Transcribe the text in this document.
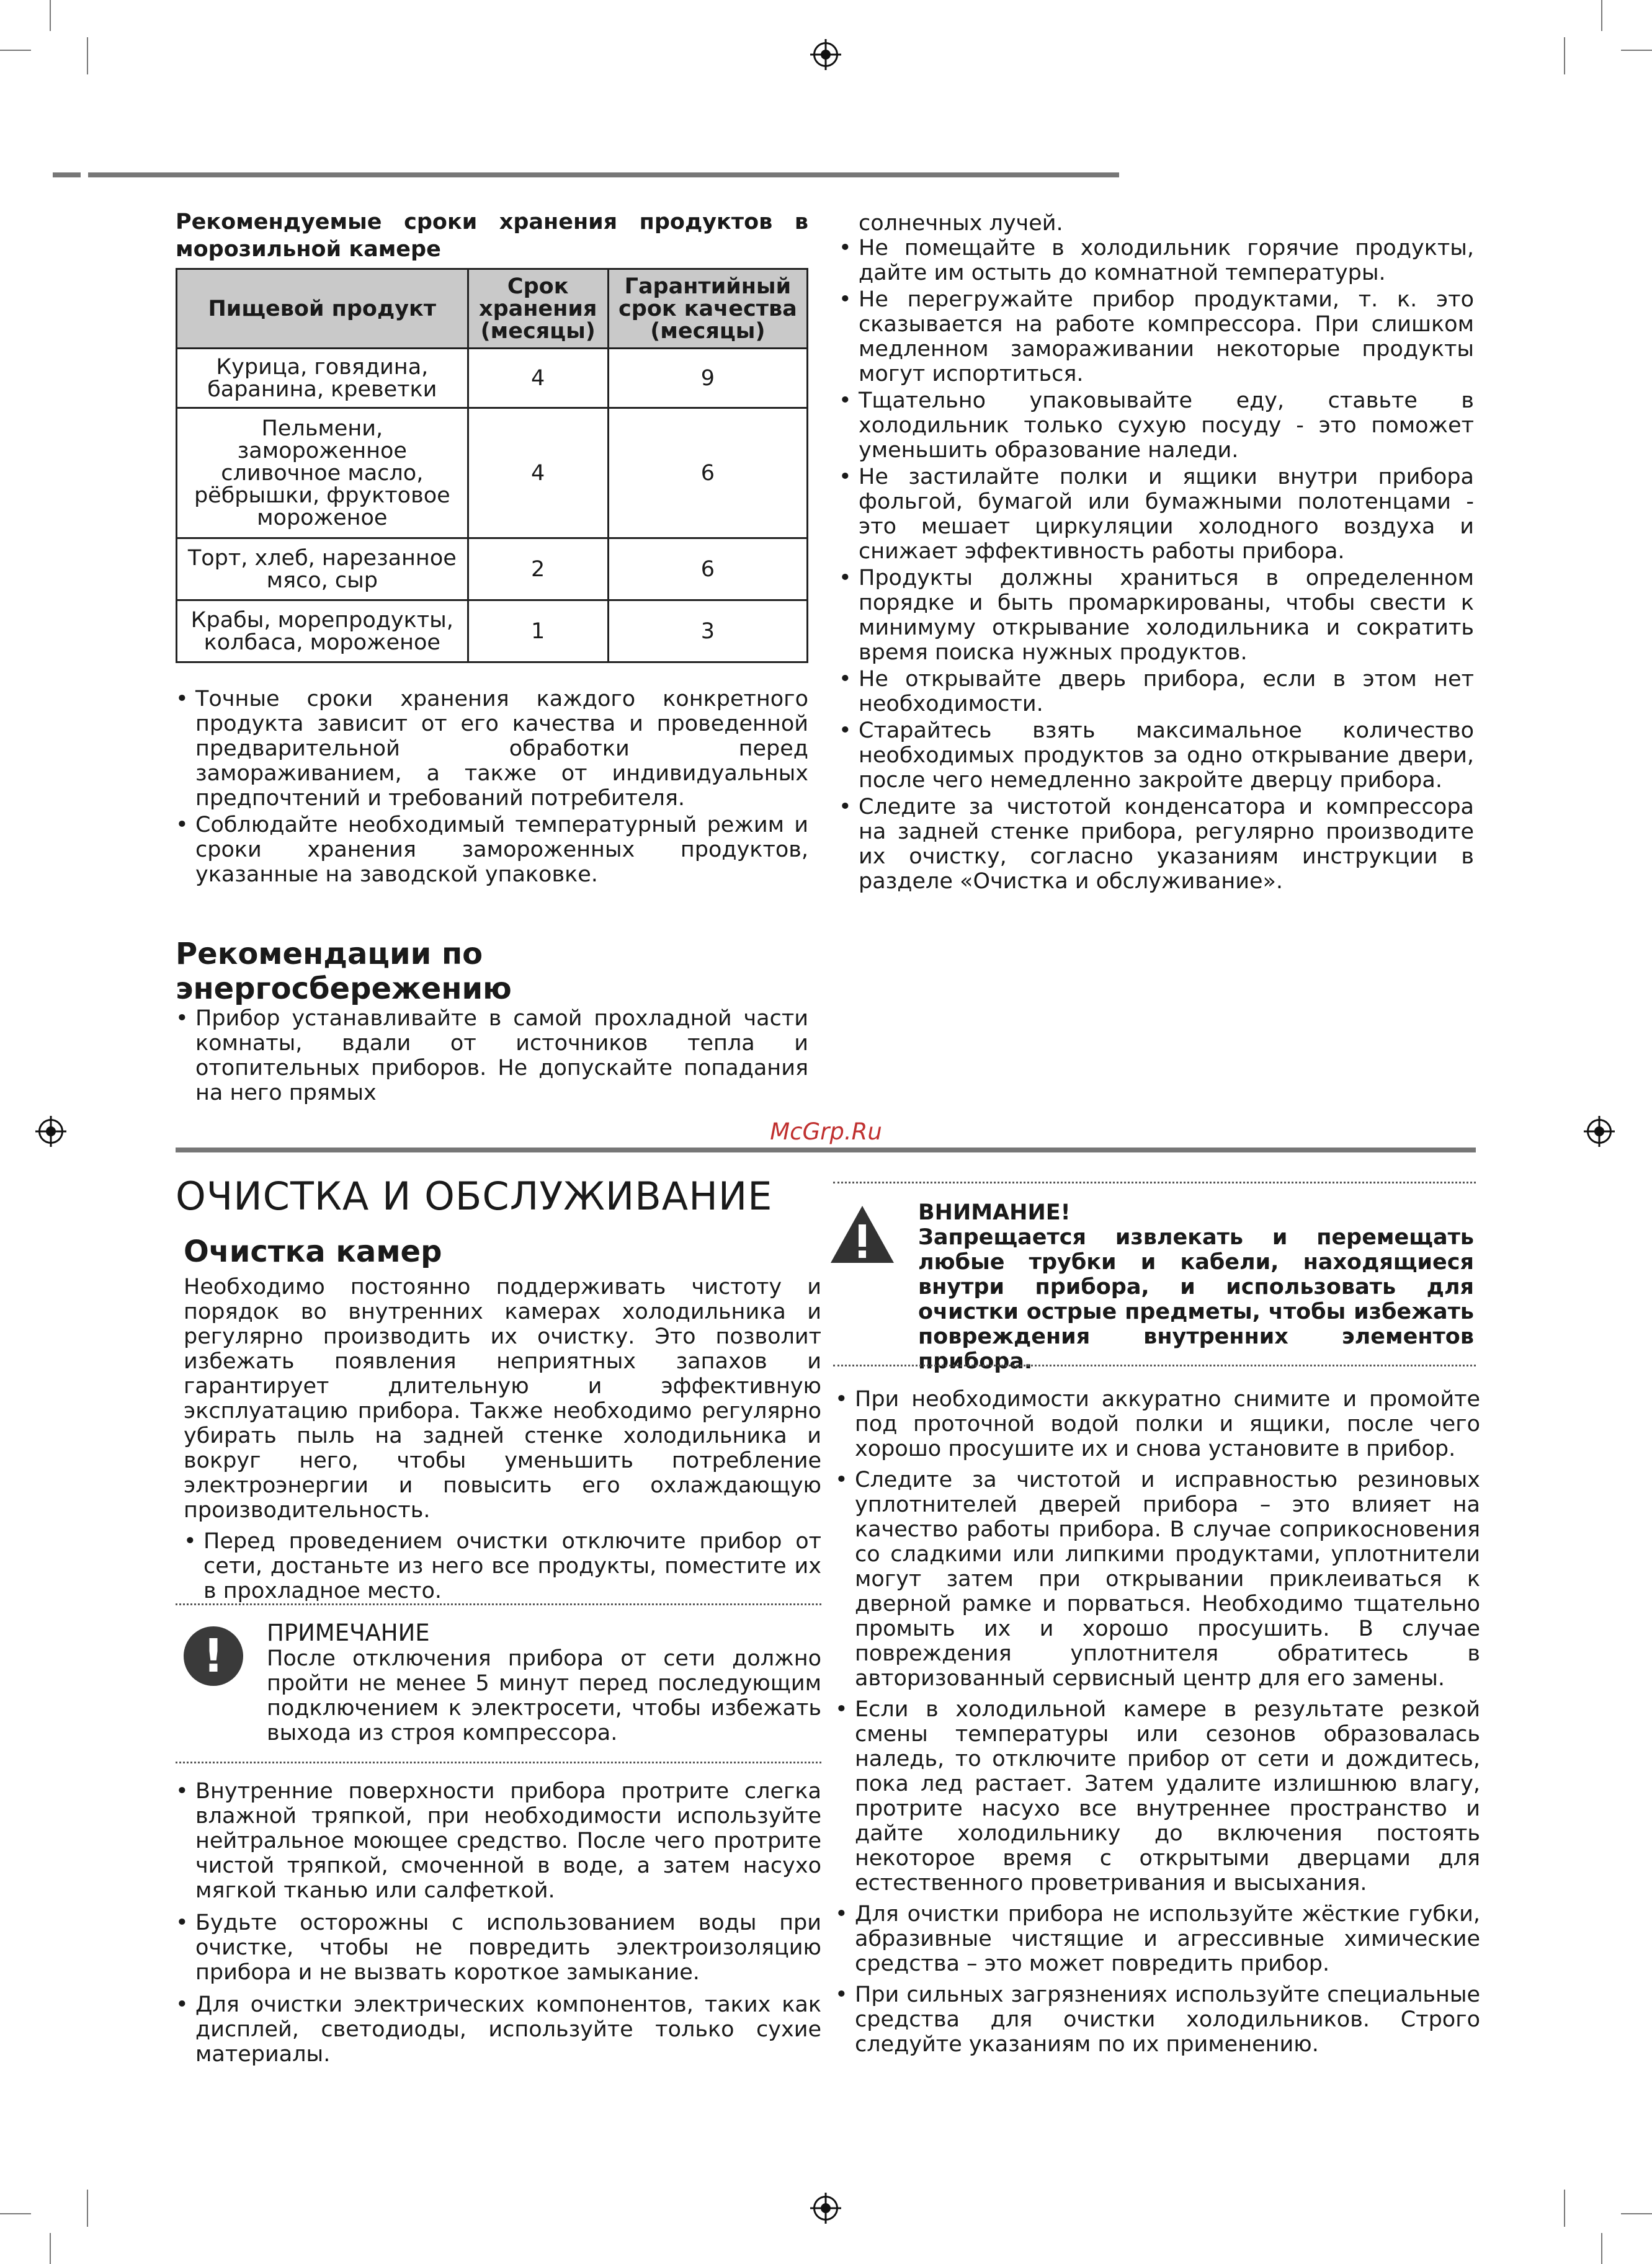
Рекомендуемые сроки хранения продуктов в морозильной камере
Пищевой продукт	Срок хранения (месяцы)	Гарантийный срок качества (месяцы)
Курица, говядина, баранина, креветки	4	9
Пельмени, замороженное сливочное масло, рёбрышки, фруктовое мороженое	4	6
Торт, хлеб, нарезанное мясо, сыр	2	6
Крабы, морепродукты, колбаса, мороженое	1	3
• Точные сроки хранения каждого конкретного продукта зависит от его качества и проведенной предварительной обработки перед замораживанием, а также от индивидуальных предпочтений и требований потребителя.
• Соблюдайте необходимый температурный режим и сроки хранения замороженных продуктов, указанные на заводской упаковке.
Рекомендации по энергосбережению
• Прибор устанавливайте в самой прохладной части комнаты, вдали от источников тепла и отопительных приборов. Не допускайте попадания на него прямых
солнечных лучей.
• Не помещайте в холодильник горячие продукты, дайте им остыть до комнатной температуры.
• Не перегружайте прибор продуктами, т. к. это сказывается на работе компрессора. При слишком медленном замораживании некоторые продукты могут испортиться.
• Тщательно упаковывайте еду, ставьте в холодильник только сухую посуду - это поможет уменьшить образование наледи.
• Не застилайте полки и ящики внутри прибора фольгой, бумагой или бумажными полотенцами - это мешает циркуляции холодного воздуха и снижает эффективность работы прибора.
• Продукты должны храниться в определенном порядке и быть промаркированы, чтобы свести к минимуму открывание холодильника и сократить время поиска нужных продуктов.
• Не открывайте дверь прибора, если в этом нет необходимости.
• Старайтесь взять максимальное количество необходимых продуктов за одно открывание двери, после чего немедленно закройте дверцу прибора.
• Следите за чистотой конденсатора и компрессора на задней стенке прибора, регулярно производите их очистку, согласно указаниям инструкции в разделе «Очистка и обслуживание».
McGrp.Ru
ОЧИСТКА И ОБСЛУЖИВАНИЕ
Очистка камер
Необходимо постоянно поддерживать чистоту и порядок во внутренних камерах холодильника и регулярно производить их очистку. Это позволит избежать появления неприятных запахов и гарантирует длительную и эффективную эксплуатацию прибора. Также необходимо регулярно убирать пыль на задней стенке холодильника и вокруг него, чтобы уменьшить потребление электроэнергии и повысить его охлаждающую производительность.
• Перед проведением очистки отключите прибор от сети, достаньте из него все продукты, поместите их в прохладное место.
!	ПРИМЕЧАНИЕ
После отключения прибора от сети должно пройти не менее 5 минут перед последующим подключением к электросети, чтобы избежать выхода из строя компрессора.
• Внутренние поверхности прибора протрите слегка влажной тряпкой, при необходимости используйте нейтральное моющее средство. После чего протрите чистой тряпкой, смоченной в воде, а затем насухо мягкой тканью или салфеткой.
• Будьте осторожны с использованием воды при очистке, чтобы не повредить электроизоляцию прибора и не вызвать короткое замыкание.
• Для очистки электрических компонентов, таких как дисплей, светодиоды, используйте только сухие материалы.
ВНИМАНИЕ!
Запрещается извлекать и перемещать любые трубки и кабели, находящиеся внутри прибора, и использовать для очистки острые предметы, чтобы избежать повреждения внутренних элементов прибора.
• При необходимости аккуратно снимите и промойте под проточной водой полки и ящики, после чего хорошо просушите их и снова установите в прибор.
• Следите за чистотой и исправностью резиновых уплотнителей дверей прибора – это влияет на качество работы прибора. В случае соприкосновения со сладкими или липкими продуктами, уплотнители могут затем при открывании приклеиваться к дверной рамке и порваться. Необходимо тщательно промыть их и хорошо просушить. В случае повреждения уплотнителя обратитесь в авторизованный сервисный центр для его замены.
• Если в холодильной камере в результате резкой смены температуры или сезонов образовалась наледь, то отключите прибор от сети и дождитесь, пока лед растает. Затем удалите излишнюю влагу, протрите насухо все внутреннее пространство и дайте холодильнику до включения постоять некоторое время с открытыми дверцами для естественного проветривания и высыхания.
• Для очистки прибора не используйте жёсткие губки, абразивные чистящие и агрессивные химические средства – это может повредить прибор.
• При сильных загрязнениях используйте специальные средства для очистки холодильников. Строго следуйте указаниям по их применению.
